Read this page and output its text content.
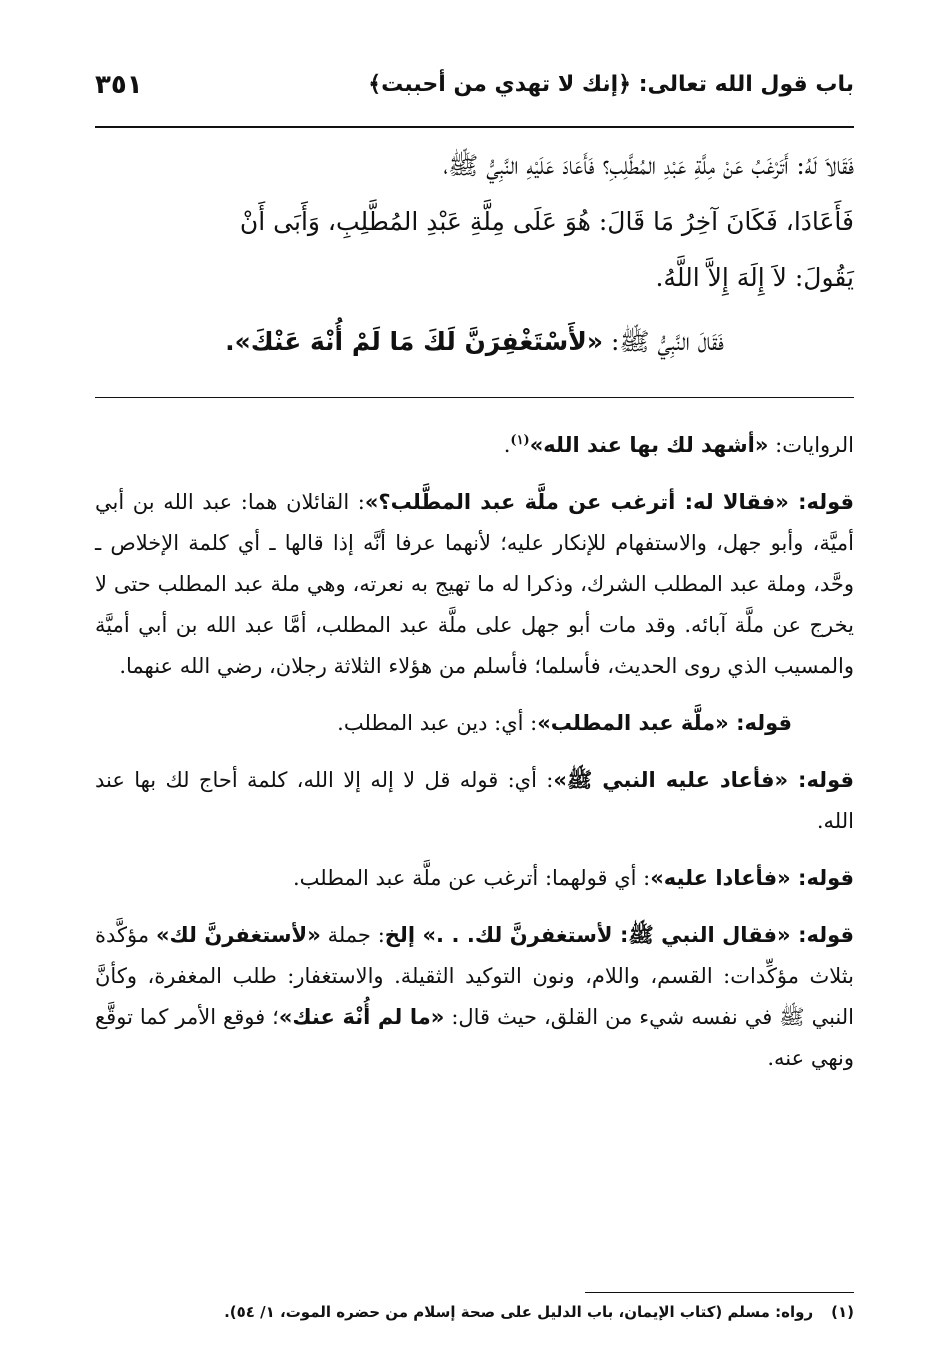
باب قول الله تعالى: ﴿إنك لا تهدي من أحببت﴾
٣٥١

فَقَالاَ لَهُ: أَتَرْغَبُ عَنْ مِلَّةِ عَبْدِ المُطَّلِبِ؟ فَأَعَادَ عَلَيْهِ النَّبِيُّ ﷺ،

فَأَعَادَا، فَكَانَ آخِرُ مَا قَالَ: هُوَ عَلَى مِلَّةِ عَبْدِ المُطَّلِبِ، وَأَبَى أَنْ

يَقُولَ: لاَ إِلَهَ إِلاَّ اللَّهُ.

فَقَالَ النَّبِيُّ ﷺ: «لأَسْتَغْفِرَنَّ لَكَ مَا لَمْ أُنْهَ عَنْكَ».

الروايات: «أشهد لك بها عند الله»$^{(١)}$.

قوله: «فقالا له: أترغب عن ملَّة عبد المطَّلب؟»: القائلان هما: عبد الله بن أبي أميَّة، وأبو جهل، والاستفهام للإنكار عليه؛ لأنهما عرفا أنَّه إذا قالها ـ أي كلمة الإخلاص ـ وحَّد، وملة عبد المطلب الشرك، وذكرا له ما تهيج به نعرته، وهي ملة عبد المطلب حتى لا يخرج عن ملَّة آبائه. وقد مات أبو جهل على ملَّة عبد المطلب، أمَّا عبد الله بن أبي أميَّة والمسيب الذي روى الحديث، فأسلما؛ فأسلم من هؤلاء الثلاثة رجلان، رضي الله عنهما.

قوله: «ملَّة عبد المطلب»: أي: دين عبد المطلب.

قوله: «فأعاد عليه النبي ﷺ»: أي: قوله قل لا إله إلا الله، كلمة أحاج لك بها عند الله.

قوله: «فأعادا عليه»: أي قولهما: أترغب عن ملَّة عبد المطلب.

قوله: «فقال النبي ﷺ: لأستغفرنَّ لك. . .» إلخ: جملة «لأستغفرنَّ لك» مؤكَّدة بثلاث مؤكِّدات: القسم، واللام، ونون التوكيد الثقيلة. والاستغفار: طلب المغفرة، وكأنَّ النبي ﷺ في نفسه شيء من القلق، حيث قال: «ما لم أُنْهَ عنك»؛ فوقع الأمر كما توقَّع ونهي عنه.

(١)رواه: مسلم (كتاب الإيمان، باب الدليل على صحة إسلام من حضره الموت، ١/ ٥٤).
